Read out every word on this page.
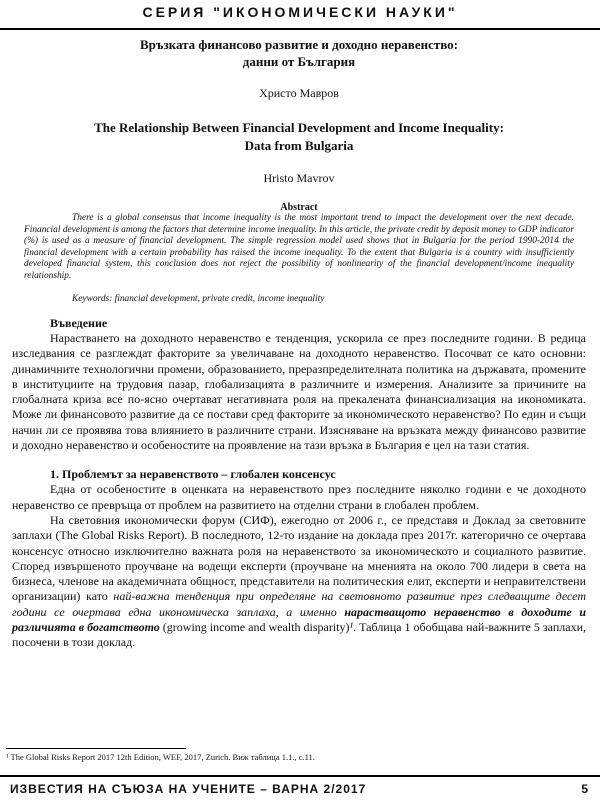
СЕРИЯ "ИКОНОМИЧЕСКИ НАУКИ"

Връзката финансово развитие и доходно неравенство:
данни от България

Христо Мавров

The Relationship Between Financial Development and Income Inequality:
Data from Bulgaria

Hristo Mavrov

Abstract

There is a global consensus that income inequality is the most important trend to impact the development over the next decade. Financial development is among the factors that determine income inequality. In this article, the private credit by deposit money to GDP indicator (%) is used as a measure of financial development. The simple regression model used shows that in Bulgaria for the period 1990-2014 the financial development with a certain probability has raised the income inequality. To the extent that Bulgaria is a country with insufficiently developed financial system, this conclusion does not reject the possibility of nonlinearity of the financial development/income inequality relationship.

Keywords: financial development, private credit, income inequality

Въведение

Нарастването на доходното неравенство е тенденция, ускорила се през последните години. В редица изследвания се разглеждат факторите за увеличаване на доходното неравенство. Посочват се като основни: динамичните технологични промени, образованието, преразпределителната политика на държавата, промените в институциите на трудовия пазар, глобализацията в различните и измерения. Анализите за причините на глобалната криза все по-ясно очертават негативната роля на прекалената финансиализация на икономиката. Може ли финансовото развитие да се постави сред факторите за икономическото неравенство? По един и същи начин ли се проявява това влиянието в различните страни. Изясняване на връзката между финансово развитие и доходно неравенство и особеностите на проявление на тази връзка в България е цел на тази статия.

1. Проблемът за неравенството – глобален консенсус

Една от особеностите в оценката на неравенството през последните няколко години е че доходното неравенство се превръща от проблем на развитието на отделни страни в глобален проблем.

На световния икономически форум (СИФ), ежегодно от 2006 г., се представя и Доклад за световните заплахи (The Global Risks Report). В последното, 12-то издание на доклада през 2017г. категорично се очертава консенсус относно изключително важната роля на неравенството за икономическото и социалното развитие. Според извършеното проучване на водещи експерти (проучване на мненията на около 700 лидери в света на бизнеса, членове на академичната общност, представители на политическия елит, експерти и неправителствени организации) като най-важна тенденция при определяне на световното развитие през следващите десет години се очертава една икономическа заплаха, а именно нарастващото неравенство в доходите и различията в богатството (growing income and wealth disparity)¹. Таблица 1 обобщава най-важните 5 заплахи, посочени в този доклад.

¹ The Global Risks Report 2017 12th Edition, WEF, 2017, Zurich. Виж таблица 1.1., с.11.
ИЗВЕСТИЯ НА СЪЮЗА НА УЧЕНИТЕ – ВАРНА 2/2017	5
